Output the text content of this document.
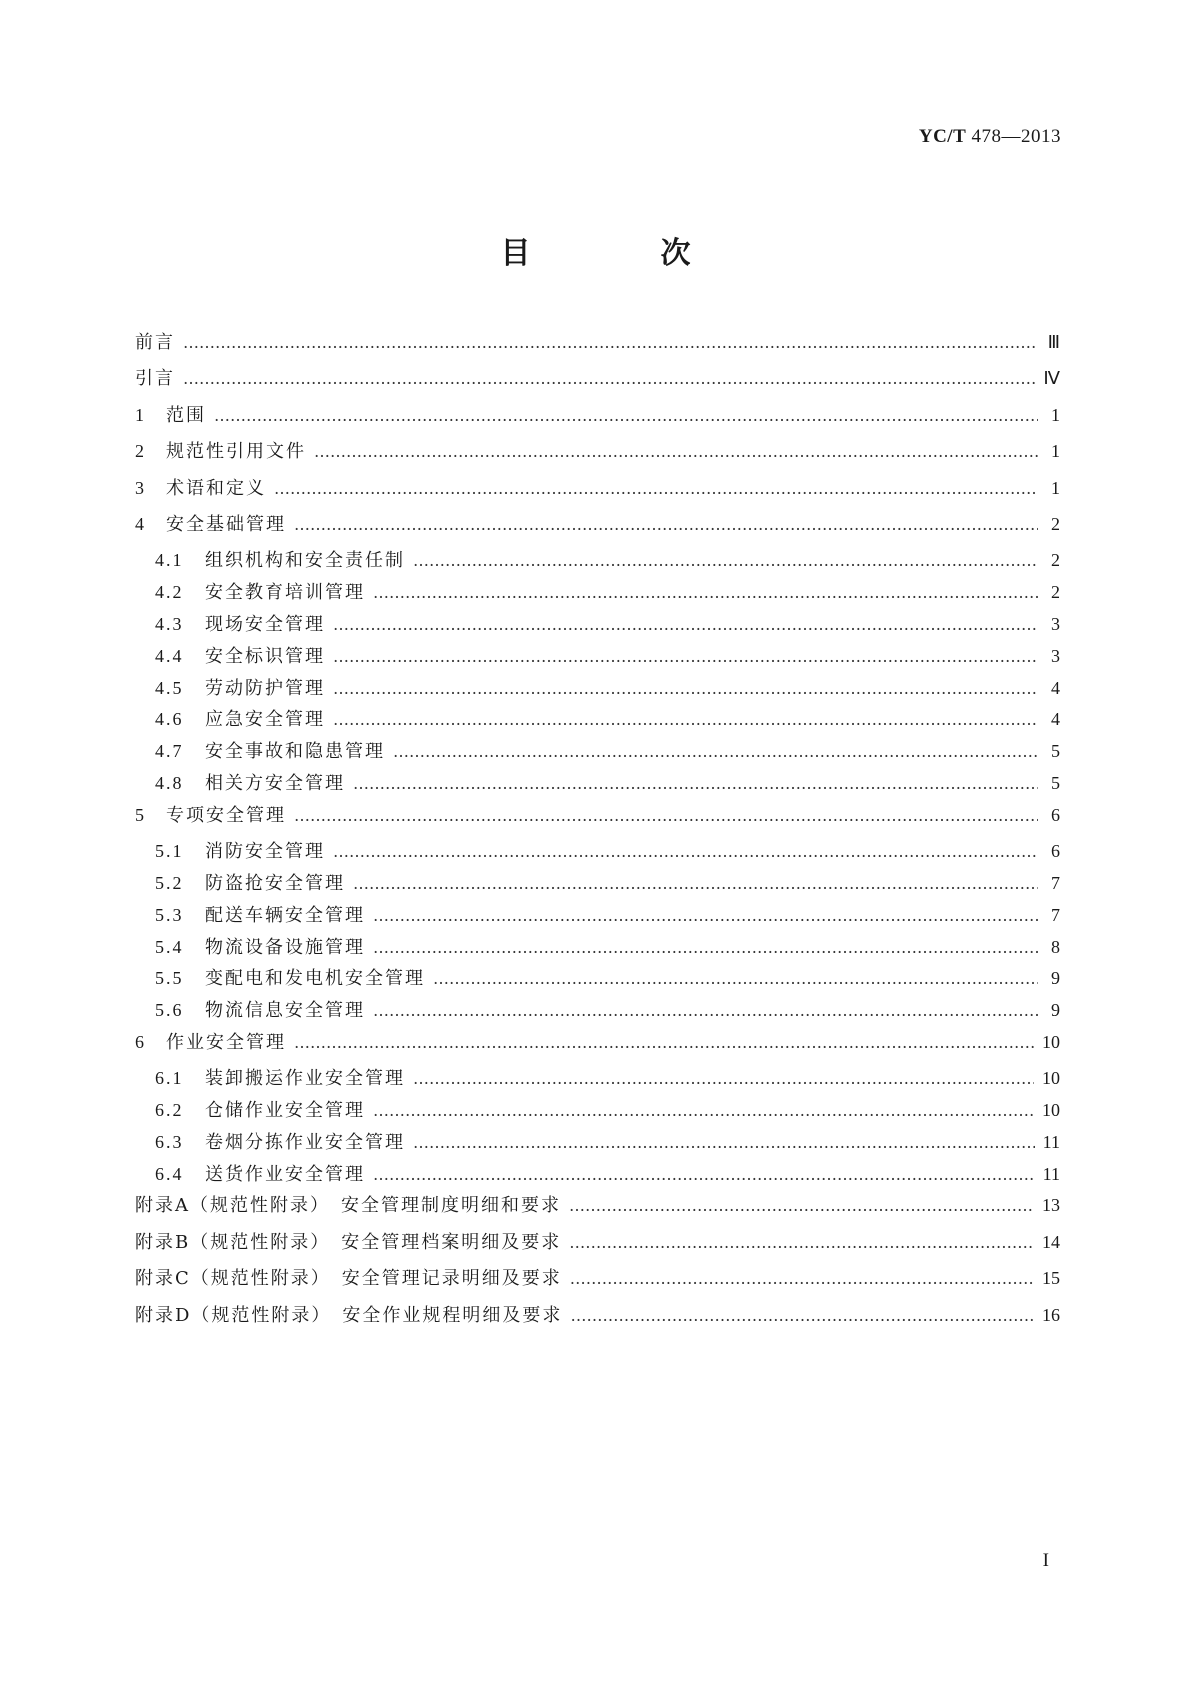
YC/T 478—2013
目　次
前言 ……………………………………………………………………………………………………………………………………………………………………………………………………	Ⅲ
引言 ……………………………………………………………………………………………………………………………………………………………………………………………………	Ⅳ
1	范围 ……………………………………………………………………………………………………………………………………………………………………………………………………	1
2	规范性引用文件 ……………………………………………………………………………………………………………………………………………………………………………………………………	1
3	术语和定义 ……………………………………………………………………………………………………………………………………………………………………………………………………	1
4	安全基础管理 ……………………………………………………………………………………………………………………………………………………………………………………………………	2
4.1	组织机构和安全责任制 ……………………………………………………………………………………………………………………………………………………………………………………………………	2
4.2	安全教育培训管理 ……………………………………………………………………………………………………………………………………………………………………………………………………	2
4.3	现场安全管理 ……………………………………………………………………………………………………………………………………………………………………………………………………	3
4.4	安全标识管理 ……………………………………………………………………………………………………………………………………………………………………………………………………	3
4.5	劳动防护管理 ……………………………………………………………………………………………………………………………………………………………………………………………………	4
4.6	应急安全管理 ……………………………………………………………………………………………………………………………………………………………………………………………………	4
4.7	安全事故和隐患管理 ……………………………………………………………………………………………………………………………………………………………………………………………………	5
4.8	相关方安全管理 ……………………………………………………………………………………………………………………………………………………………………………………………………	5
5	专项安全管理 ……………………………………………………………………………………………………………………………………………………………………………………………………	6
5.1	消防安全管理 ……………………………………………………………………………………………………………………………………………………………………………………………………	6
5.2	防盗抢安全管理 ……………………………………………………………………………………………………………………………………………………………………………………………………	7
5.3	配送车辆安全管理 ……………………………………………………………………………………………………………………………………………………………………………………………………	7
5.4	物流设备设施管理 ……………………………………………………………………………………………………………………………………………………………………………………………………	8
5.5	变配电和发电机安全管理 ……………………………………………………………………………………………………………………………………………………………………………………………………	9
5.6	物流信息安全管理 ……………………………………………………………………………………………………………………………………………………………………………………………………	9
6	作业安全管理 ……………………………………………………………………………………………………………………………………………………………………………………………………	10
6.1	装卸搬运作业安全管理 ……………………………………………………………………………………………………………………………………………………………………………………………………	10
6.2	仓储作业安全管理 ……………………………………………………………………………………………………………………………………………………………………………………………………	10
6.3	卷烟分拣作业安全管理 ……………………………………………………………………………………………………………………………………………………………………………………………………	11
6.4	送货作业安全管理 ……………………………………………………………………………………………………………………………………………………………………………………………………	11
附录A（规范性附录）　安全管理制度明细和要求 ……………………………………………………………………………………………………………………………………………………………………………………………………	13
附录B（规范性附录）　安全管理档案明细及要求 ……………………………………………………………………………………………………………………………………………………………………………………………………	14
附录C（规范性附录）　安全管理记录明细及要求 ……………………………………………………………………………………………………………………………………………………………………………………………………	15
附录D（规范性附录）　安全作业规程明细及要求 ……………………………………………………………………………………………………………………………………………………………………………………………………	16
I
